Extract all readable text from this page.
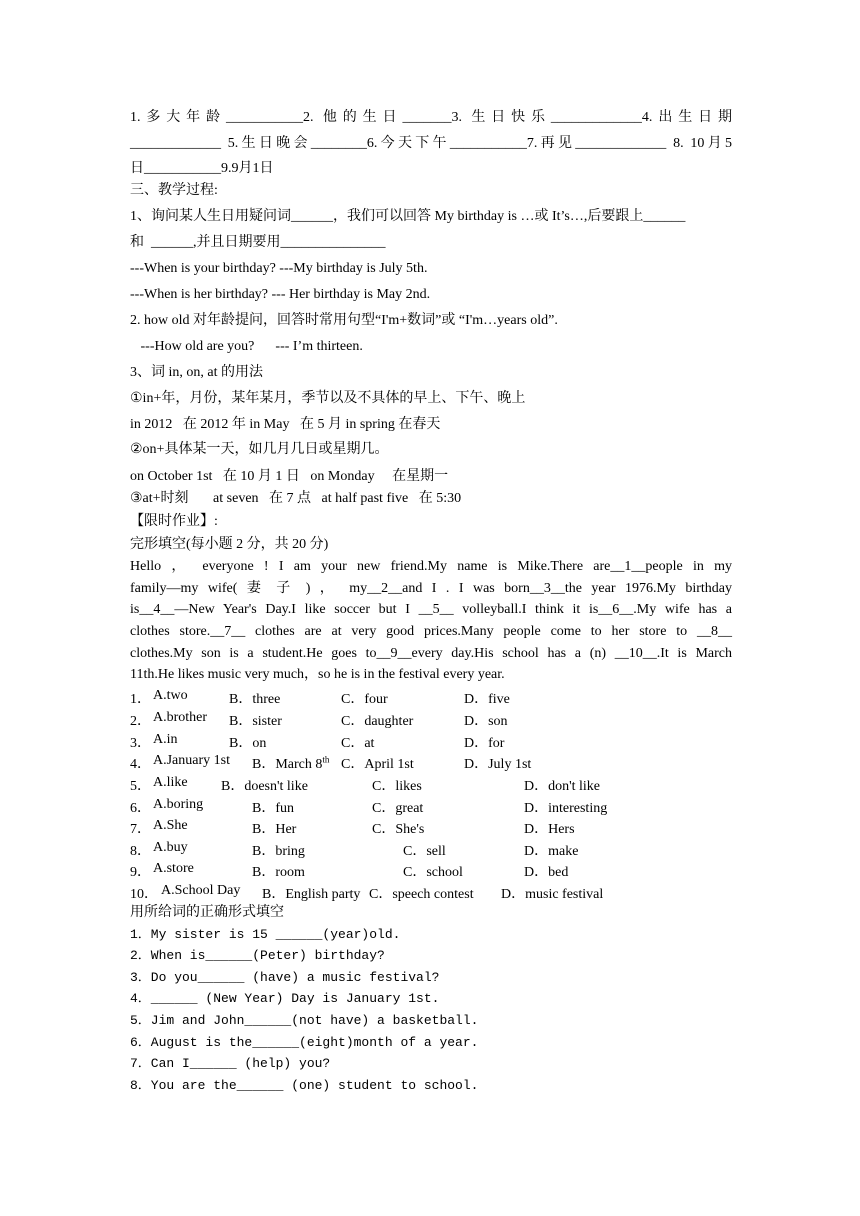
1.多大年龄___________2. 他的生日_______3. 生日快乐_____________4.出生日期
_____________ 5.生日晚会________6.今天下午___________7.再见_____________ 8. 10月5
日___________9.9月1日
三、教学过程:
1、询问某人生日用疑问词______，我们可以回答 My birthday is …或 It’s…,后要跟上______
和  ______,并且日期要用_______________
---When is your birthday? ---My birthday is July 5th.
---When is her birthday? --- Her birthday is May 2nd.
2. how old 对年龄提问，回答时常用句型“I'm+数词”或 “I'm…years old”.
---How old are you?      --- I’m thirteen.
3、词 in, on, at 的用法
①in+年，月份，某年某月，季节以及不具体的早上、下午、晚上
in 2012   在 2012 年 in May   在 5 月 in spring 在春天
②on+具体某一天，如几月几日或星期几。
on October 1st   在 10 月 1 日   on Monday     在星期一
③at+时刻       at seven   在 7 点   at half past five   在 5:30
【限时作业】:
完形填空(每小题 2 分，共 20 分)
Hello ， everyone ! I am your new friend.My name is Mike.There are__1__people in my
family—my wife( 妻 子 ) ， my__2__and I . I was born__3__the year 1976.My birthday
is__4__—New Year's Day.I like soccer but I __5__ volleyball.I think it is__6__.My wife has a
clothes store.__7__ clothes are at very good prices.Many people come to her store to __8__
clothes.My son is a student.He goes to__9__every day.His school has a (n) __10__.It is March
11th.He likes music very much，so he is in the festival every year.
1． A.two	B．three	C．four	D．five
2． A.brother B．sister	C．daughter	D．son
3． A.in	B．on	C．at	D．for
4． A.January 1st B．March 8th C．April 1st	D．July 1st
5． A.like B．doesn't like	C．likes	D．don't like
6． A.boring	B．fun	C．great	D．interesting
7． A.She	B．Her	C．She's	D．Hers
8． A.buy	B．bring	C．sell	D．make
9． A.store	B．room	C．school	D．bed
10． A.School Day B．English party C．speech contest D．music festival
用所给词的正确形式填空
1．My sister is 15 ______(year)old.
2．When is______(Peter) birthday?
3．Do you______ (have) a music festival?
4．______ (New Year) Day is January 1st.
5．Jim and John______(not have) a basketball.
6．August is the______(eight)month of a year.
7．Can I______ (help) you?
8．You are the______ (one) student to school.
